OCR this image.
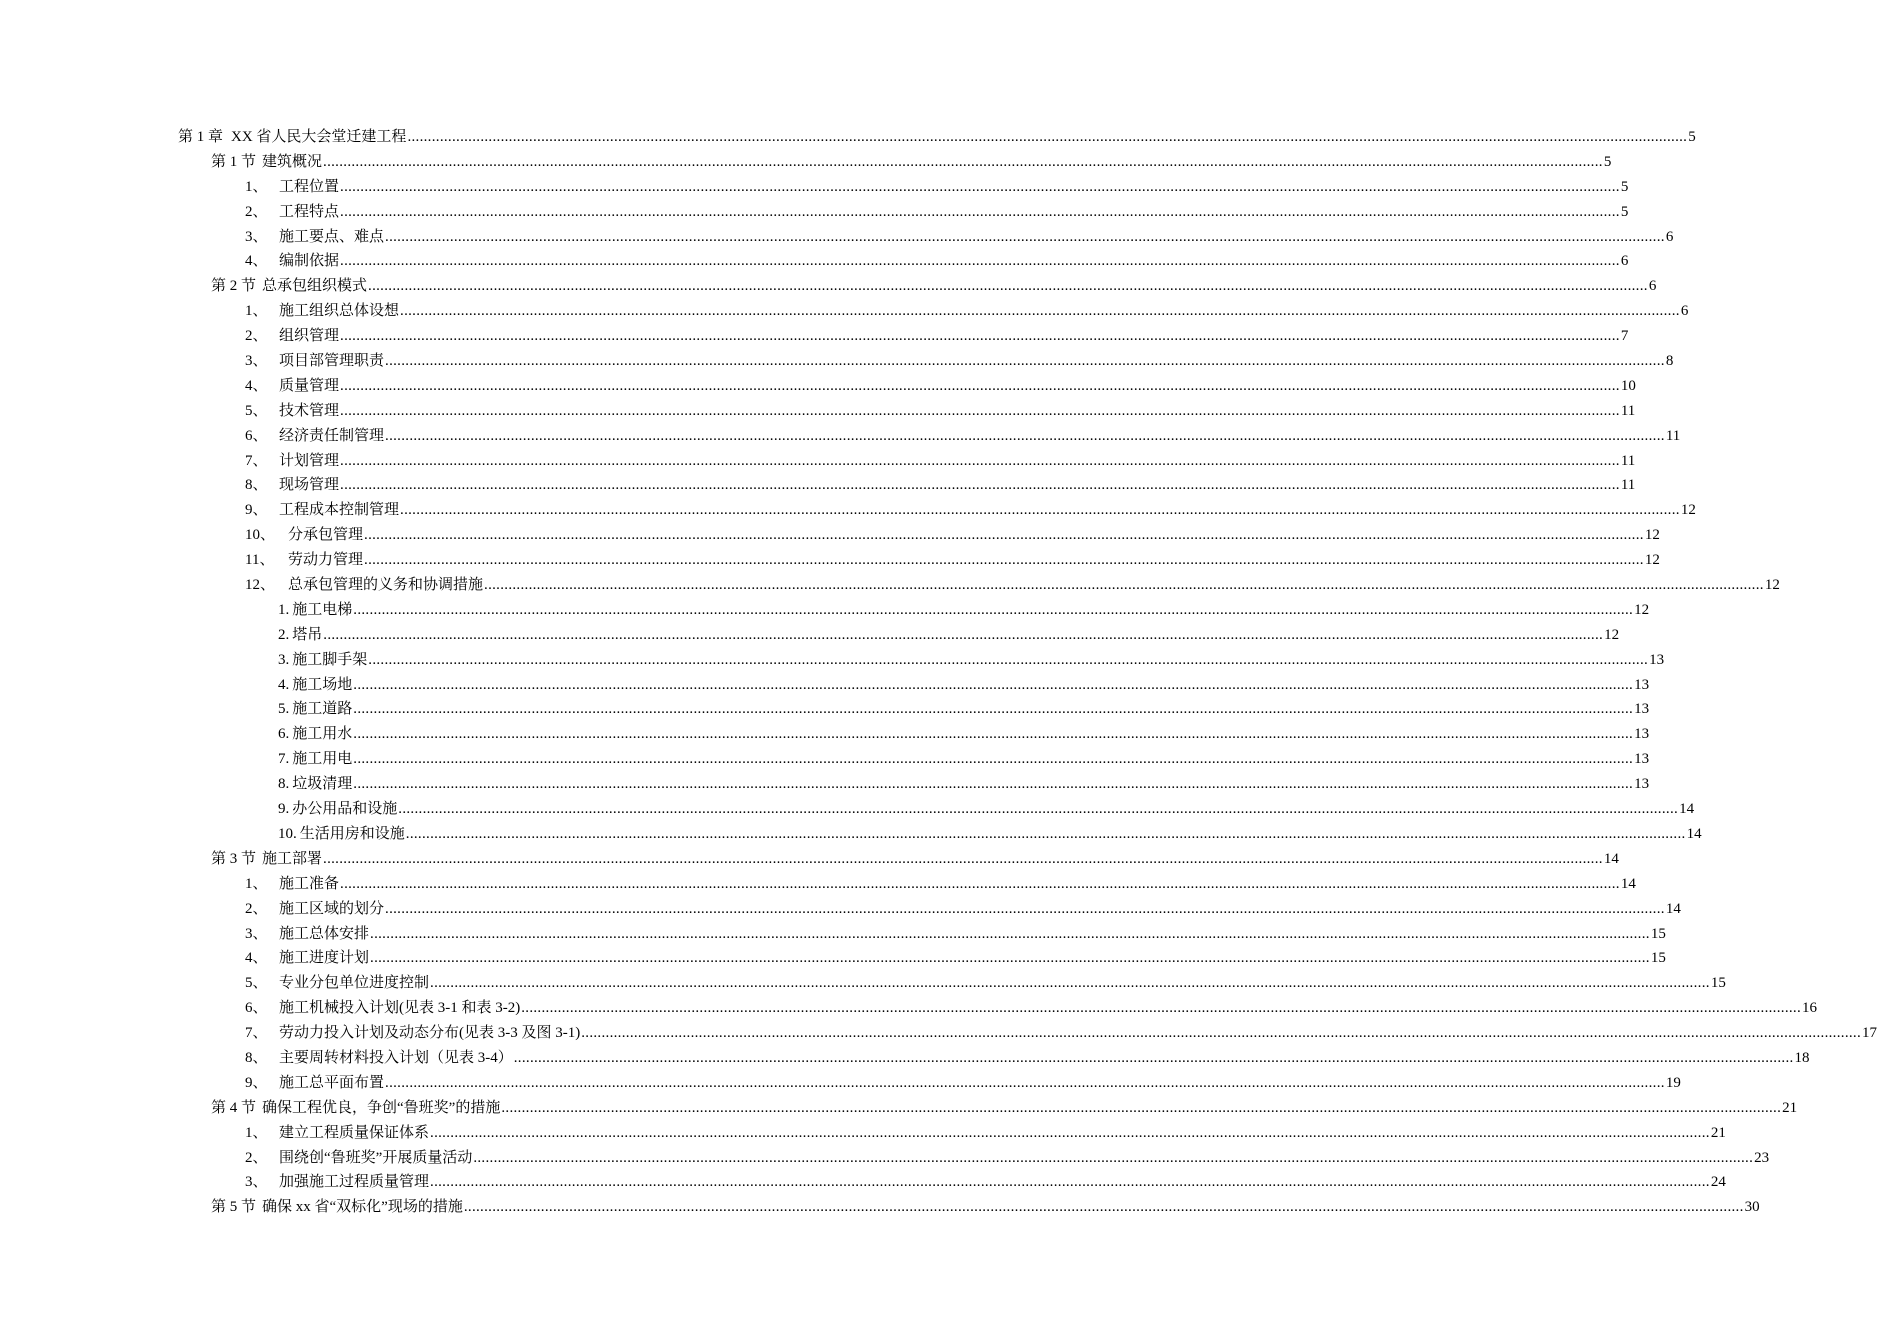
第 1 章 XX 省人民大会堂迁建工程 .....	5
第 1 节 建筑概况 .....	5
1、 工程位置 .....	5
2、 工程特点 .....	5
3、 施工要点、难点 .....	6
4、 编制依据 .....	6
第 2 节 总承包组织模式 .....	6
1、 施工组织总体设想 .....	6
2、 组织管理 .....	7
3、 项目部管理职责 .....	8
4、 质量管理 .....	10
5、 技术管理 .....	11
6、 经济责任制管理 .....	11
7、 计划管理 .....	11
8、 现场管理 .....	11
9、 工程成本控制管理 .....	12
10、 分承包管理 .....	12
11、 劳动力管理 .....	12
12、 总承包管理的义务和协调措施 .....	12
1. 施工电梯 .....	12
2. 塔吊 .....	12
3. 施工脚手架 .....	13
4. 施工场地 .....	13
5. 施工道路 .....	13
6. 施工用水 .....	13
7. 施工用电 .....	13
8. 垃圾清理 .....	13
9. 办公用品和设施 .....	14
10. 生活用房和设施 .....	14
第 3 节 施工部署 .....	14
1、 施工准备 .....	14
2、 施工区域的划分 .....	14
3、 施工总体安排 .....	15
4、 施工进度计划 .....	15
5、 专业分包单位进度控制 .....	15
6、 施工机械投入计划(见表 3-1 和表 3-2) .....	16
7、 劳动力投入计划及动态分布(见表 3-3 及图 3-1) .....	17
8、 主要周转材料投入计划（见表 3-4） .....	18
9、 施工总平面布置 .....	19
第 4 节 确保工程优良，争创“鲁班奖”的措施 .....	21
1、 建立工程质量保证体系 .....	21
2、 围绕创“鲁班奖”开展质量活动 .....	23
3、 加强施工过程质量管理 .....	24
第 5 节 确保 xx 省“双标化”现场的措施 .....	30
